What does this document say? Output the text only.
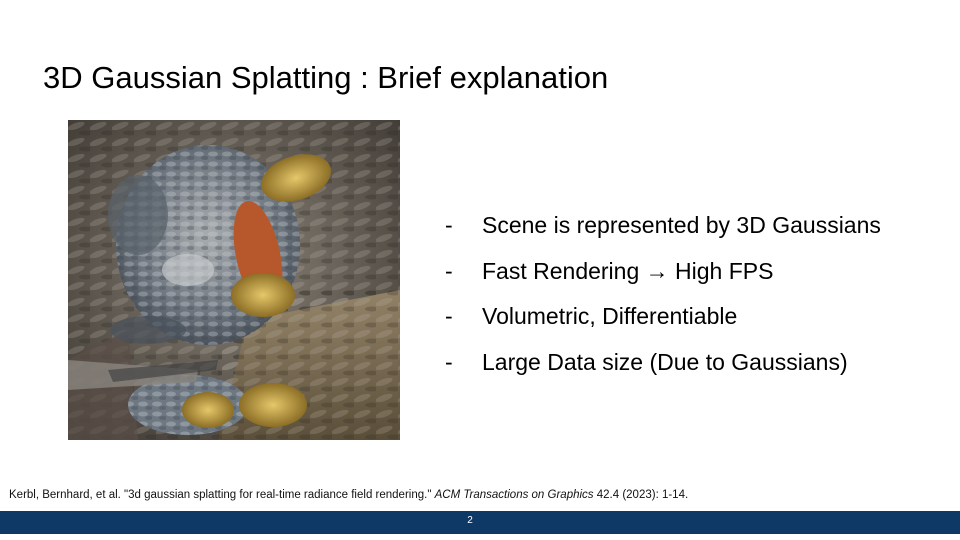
3D Gaussian Splatting : Brief explanation
-	Scene is represented by 3D Gaussians
-	Fast Rendering → High FPS
-	Volumetric, Differentiable
-	Large Data size (Due to Gaussians)
Kerbl, Bernhard, et al. "3d gaussian splatting for real-time radiance field rendering." ACM Transactions on Graphics 42.4 (2023): 1-14.
2
